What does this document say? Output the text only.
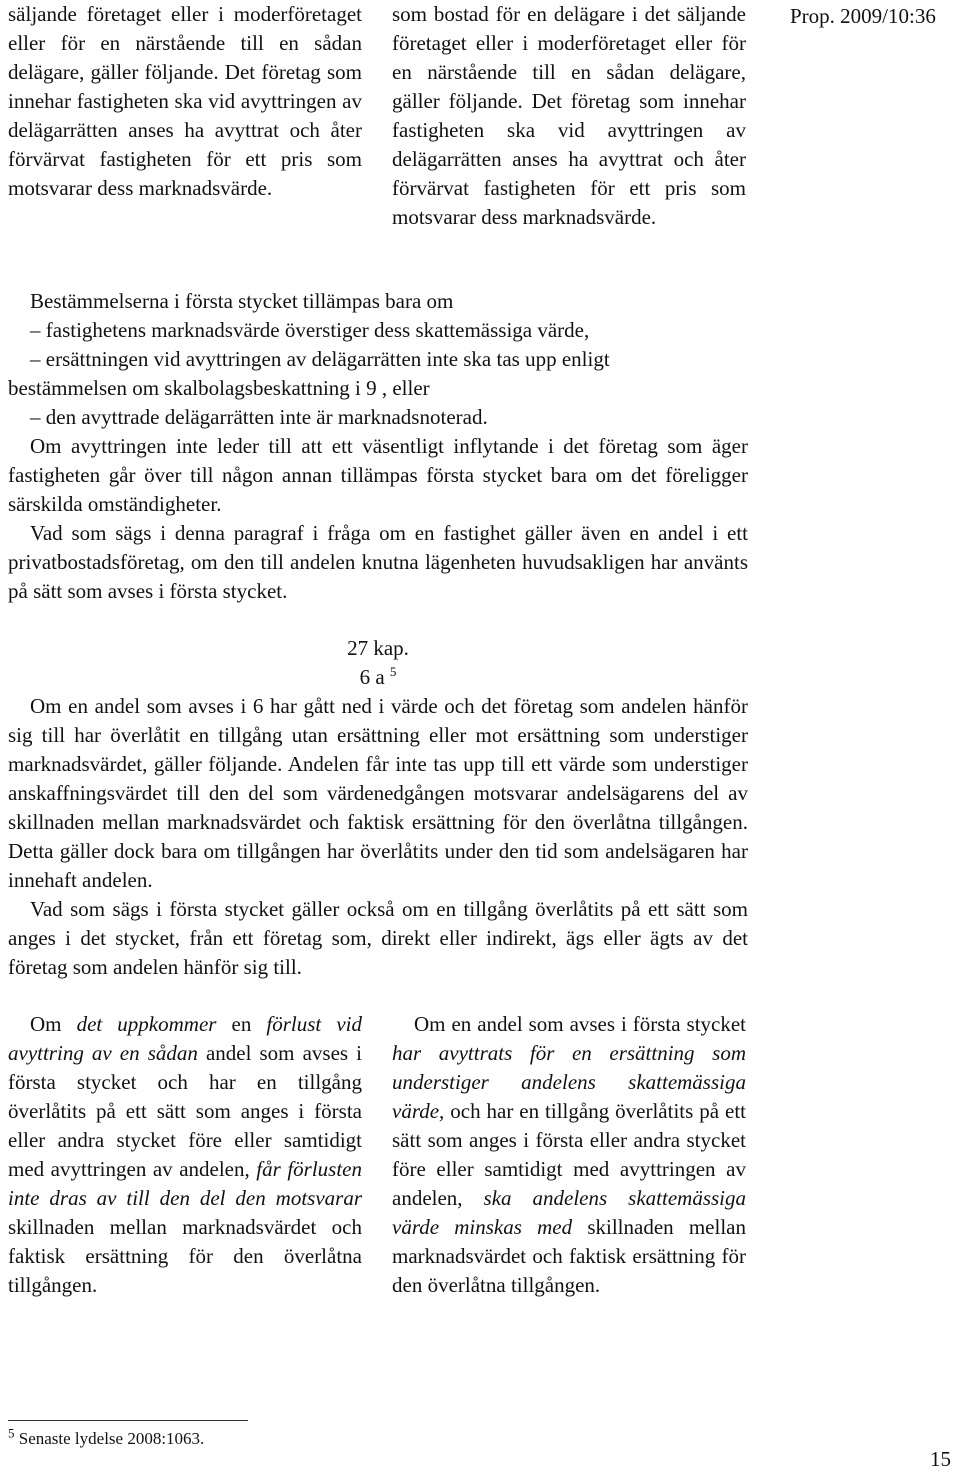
Prop. 2009/10:36

säljande företaget eller i moderföretaget eller för en närstående till en sådan delägare, gäller följande. Det företag som innehar fastigheten ska vid avyttringen av delägarrätten anses ha avyttrat och åter förvärvat fastigheten för ett pris som motsvarar dess marknadsvärde.

som bostad för en delägare i det säljande företaget eller i moderföretaget eller för en närstående till en sådan delägare, gäller följande. Det företag som innehar fastigheten ska vid avyttringen av delägarrätten anses ha avyttrat och åter förvärvat fastigheten för ett pris som motsvarar dess marknadsvärde.

Bestämmelserna i första stycket tillämpas bara om

– fastighetens marknadsvärde överstiger dess skattemässiga värde,

– ersättningen vid avyttringen av delägarrätten inte ska tas upp enligt

bestämmelsen om skalbolagsbeskattning i 9 , eller

– den avyttrade delägarrätten inte är marknadsnoterad.

Om avyttringen inte leder till att ett väsentligt inflytande i det företag som äger fastigheten går över till någon annan tillämpas första stycket bara om det föreligger särskilda omständigheter.

Vad som sägs i denna paragraf i fråga om en fastighet gäller även en andel i ett privatbostadsföretag, om den till andelen knutna lägenheten huvudsakligen har använts på sätt som avses i första stycket.

27 kap.

6 a $^5$

Om en andel som avses i 6 har gått ned i värde och det företag som andelen hänför sig till har överlåtit en tillgång utan ersättning eller mot ersättning som understiger marknadsvärdet, gäller följande. Andelen får inte tas upp till ett värde som understiger anskaffningsvärdet till den del som värdenedgången motsvarar andelsägarens del av skillnaden mellan marknadsvärdet och faktisk ersättning för den överlåtna tillgången. Detta gäller dock bara om tillgången har överlåtits under den tid som andelsägaren har innehaft andelen.

Vad som sägs i första stycket gäller också om en tillgång överlåtits på ett sätt som anges i det stycket, från ett företag som, direkt eller indirekt, ägs eller ägts av det företag som andelen hänför sig till.

Om det uppkommer en förlust vid avyttring av en sådan andel som avses i första stycket och har en tillgång överlåtits på ett sätt som anges i första eller andra stycket före eller samtidigt med avyttringen av andelen, får förlusten inte dras av till den del den motsvarar skillnaden mellan marknadsvärdet och faktisk ersättning för den överlåtna tillgången.

Om en andel som avses i första stycket har avyttrats för en ersättning som understiger andelens skattemässiga värde, och har en tillgång överlåtits på ett sätt som anges i första eller andra stycket före eller samtidigt med avyttringen av andelen, ska andelens skattemässiga värde minskas med skillnaden mellan marknadsvärdet och faktisk ersättning för den överlåtna tillgången.

$^5$ Senaste lydelse 2008:1063.
15
